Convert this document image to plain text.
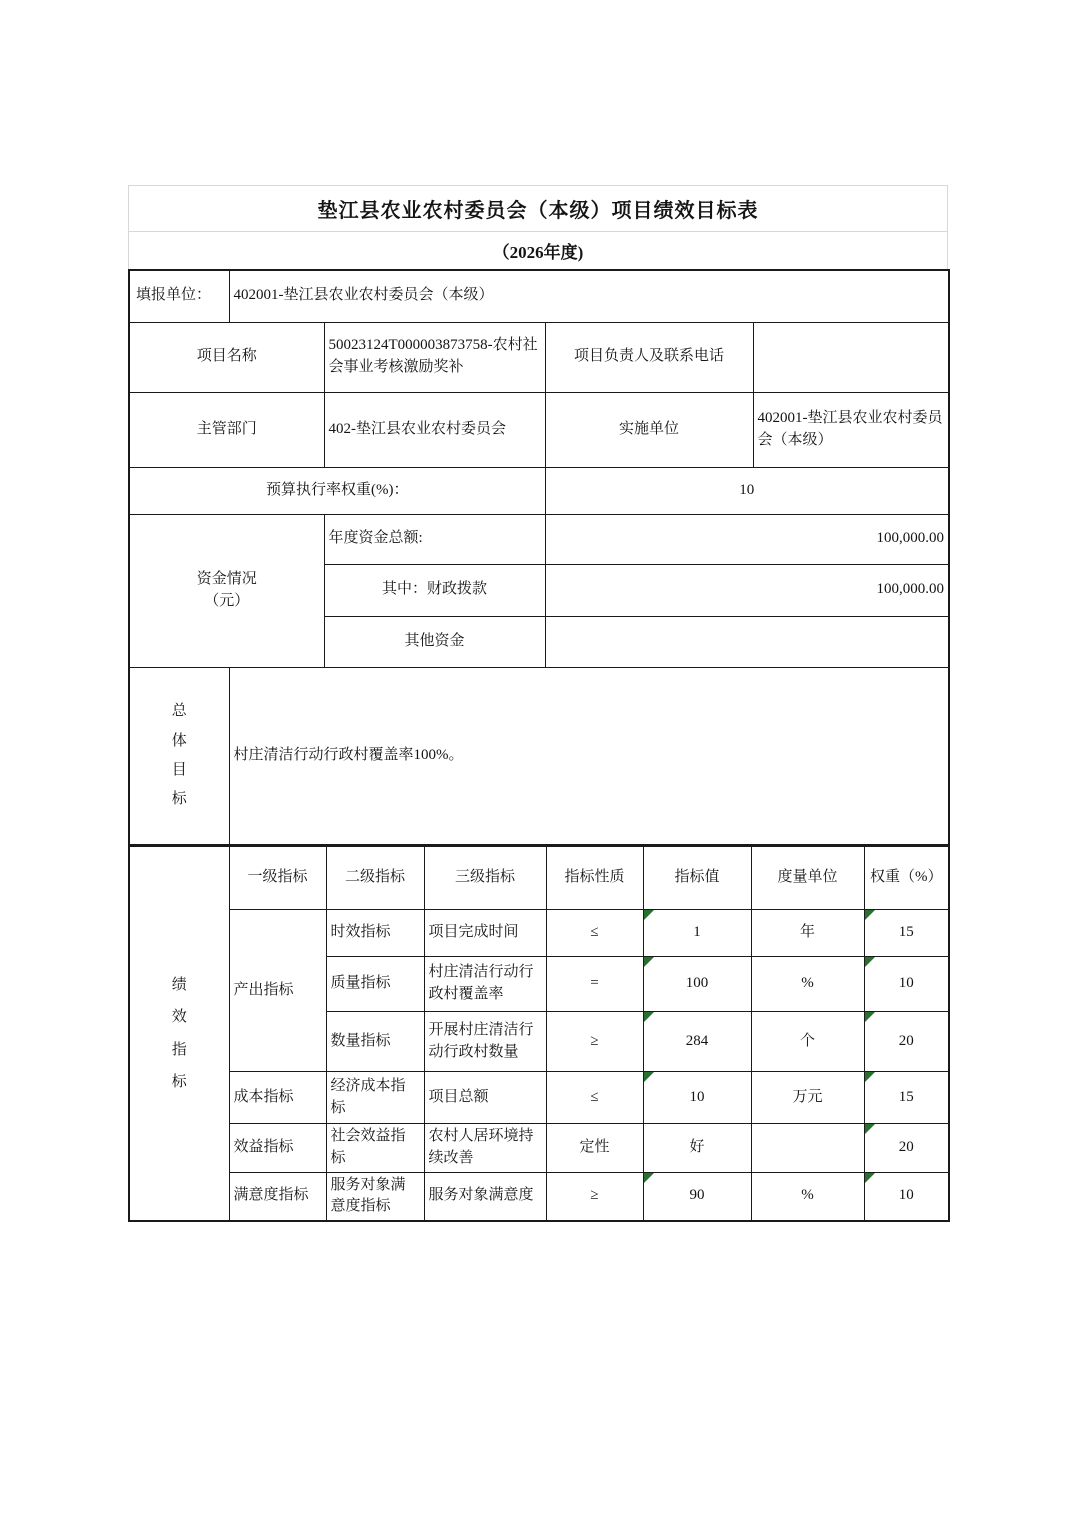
垫江县农业农村委员会（本级）项目绩效目标表
（2026年度)
填报单位：	402001-垫江县农业农村委员会（本级）			
项目名称		50023124T000003873758-农村社会事业考核激励奖补	项目负责人及联系电话	
主管部门		402-垫江县农业农村委员会	实施单位	402001-垫江县农业农村委员会（本级）
预算执行率权重(%)：			10	

资金情况
（元）		年度资金总额:	100,000.00	
		其中：财政拨款	100,000.00	
		其他资金		
总体目标	村庄清洁行动行政村覆盖率100%。			
绩效指标	一级指标	二级指标	三级指标	指标性质	指标值	度量单位	权重（%）
	产出指标	时效指标	项目完成时间	≤	1	年	15
		质量指标	村庄清洁行动行政村覆盖率	=	100	%	10
		数量指标	开展村庄清洁行动行政村数量	≥	284	个	20
	成本指标	经济成本指标	项目总额	≤	10	万元	15
	效益指标	社会效益指标	农村人居环境持续改善	定性	好		20
	满意度指标	服务对象满意度指标	服务对象满意度	≥	90	%	10
